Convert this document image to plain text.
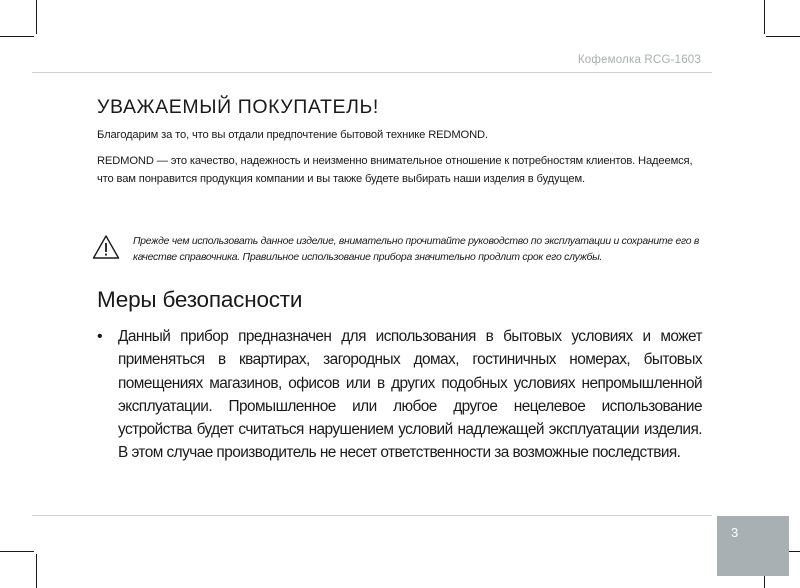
Кофемолка RCG-1603
УВАЖАЕМЫЙ ПОКУПАТЕЛЬ!

Благодарим за то, что вы отдали предпочтение бытовой технике REDMOND.

REDMOND — это качество, надежность и неизменно внимательное отношение к потребностям клиентов. Надеемся, что вам понравится продукция компании и вы также будете выбирать наши изделия в будущем.

Прежде чем использовать данное изделие, внимательно прочитайте руководство по эксплуатации и сохраните его в качестве справочника. Правильное использование прибора значительно продлит срок его службы.

Меры безопасности
• Данный прибор предназначен для использования в бытовых условиях и может применяться в квартирах, загородных домах, гостиничных номерах, бытовых помещениях магазинов, офисов или в других подобных условиях непромышленной эксплуатации. Промышленное или любое другое нецелевое использование устройства будет считаться нарушением условий надлежащей эксплуатации изделия. В этом случае производитель не несет ответственности за возможные последствия.

3
